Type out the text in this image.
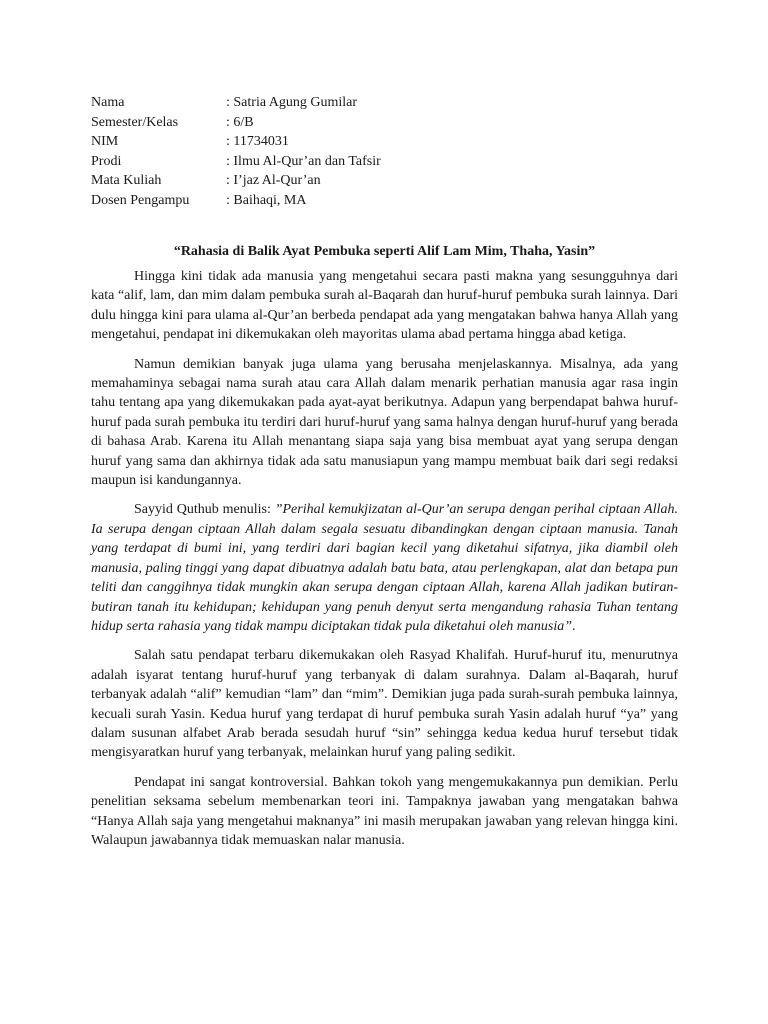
Nama	: Satria Agung Gumilar
Semester/Kelas	: 6/B
NIM	: 11734031
Prodi	: Ilmu Al-Qur’an dan Tafsir
Mata Kuliah	: I’jaz Al-Qur’an
Dosen Pengampu	: Baihaqi, MA
“Rahasia di Balik Ayat Pembuka seperti Alif Lam Mim, Thaha, Yasin”

Hingga kini tidak ada manusia yang mengetahui secara pasti makna yang sesungguhnya dari kata “alif, lam, dan mim dalam pembuka surah al-Baqarah dan huruf-huruf pembuka surah lainnya. Dari dulu hingga kini para ulama al-Qur’an berbeda pendapat ada yang mengatakan bahwa hanya Allah yang mengetahui, pendapat ini dikemukakan oleh mayoritas ulama abad pertama hingga abad ketiga.

Namun demikian banyak juga ulama yang berusaha menjelaskannya. Misalnya, ada yang memahaminya sebagai nama surah atau cara Allah dalam menarik perhatian manusia agar rasa ingin tahu tentang apa yang dikemukakan pada ayat-ayat berikutnya. Adapun yang berpendapat bahwa huruf-huruf pada surah pembuka itu terdiri dari huruf-huruf yang sama halnya dengan huruf-huruf yang berada di bahasa Arab. Karena itu Allah menantang siapa saja yang bisa membuat ayat yang serupa dengan huruf yang sama dan akhirnya tidak ada satu manusiapun yang mampu membuat baik dari segi redaksi maupun isi kandungannya.

Sayyid Quthub menulis: ”Perihal kemukjizatan al-Qur’an serupa dengan perihal ciptaan Allah. Ia serupa dengan ciptaan Allah dalam segala sesuatu dibandingkan dengan ciptaan manusia. Tanah yang terdapat di bumi ini, yang terdiri dari bagian kecil yang diketahui sifatnya, jika diambil oleh manusia, paling tinggi yang dapat dibuatnya adalah batu bata, atau perlengkapan, alat dan betapa pun teliti dan canggihnya tidak mungkin akan serupa dengan ciptaan Allah, karena Allah jadikan butiran-butiran tanah itu kehidupan; kehidupan yang penuh denyut serta mengandung rahasia Tuhan tentang hidup serta rahasia yang tidak mampu diciptakan tidak pula diketahui oleh manusia”.

Salah satu pendapat terbaru dikemukakan oleh Rasyad Khalifah. Huruf-huruf itu, menurutnya adalah isyarat tentang huruf-huruf yang terbanyak di dalam surahnya. Dalam al-Baqarah, huruf terbanyak adalah “alif” kemudian “lam” dan “mim”. Demikian juga pada surah-surah pembuka lainnya, kecuali surah Yasin. Kedua huruf yang terdapat di huruf pembuka surah Yasin adalah huruf “ya” yang dalam susunan alfabet Arab berada sesudah huruf “sin” sehingga kedua kedua huruf tersebut tidak mengisyaratkan huruf yang terbanyak, melainkan huruf yang paling sedikit.

Pendapat ini sangat kontroversial. Bahkan tokoh yang mengemukakannya pun demikian. Perlu penelitian seksama sebelum membenarkan teori ini. Tampaknya jawaban yang mengatakan bahwa “Hanya Allah saja yang mengetahui maknanya” ini masih merupakan jawaban yang relevan hingga kini. Walaupun jawabannya tidak memuaskan nalar manusia.
